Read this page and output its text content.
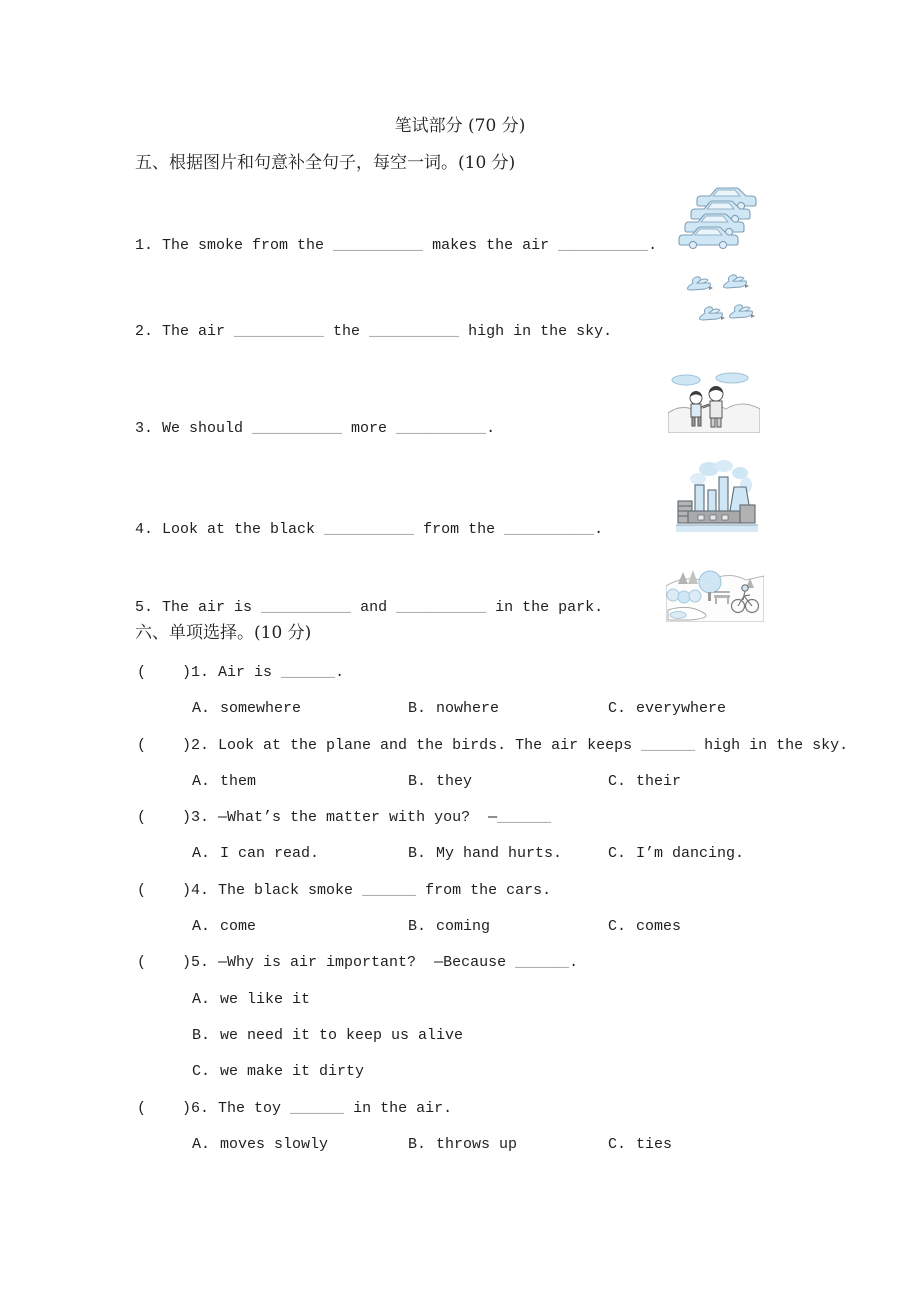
笔试部分 (70 分)
五、根据图片和句意补全句子，每空一词。(10 分)
1. The smoke from the __________ makes the air __________.
2. The air __________ the __________ high in the sky.
3. We should __________ more __________.
4. Look at the black __________ from the __________.
5. The air is __________ and __________ in the park.
六、单项选择。(10 分)
(    )1. Air is ______.
A. somewhere	B. nowhere	C. everywhere
(    )2. Look at the plane and the birds. The air keeps ______ high in the sky.
A. them	B. they	C. their
(    )3. —What’s the matter with you?  —______
A. I can read.	B. My hand hurts.	C. I’m dancing.
(    )4. The black smoke ______ from the cars.
A. come	B. coming	C. comes
(    )5. —Why is air important?  —Because ______.
A. we like it
B. we need it to keep us alive
C. we make it dirty
(    )6. The toy ______ in the air.
A. moves slowly	B. throws up	C. ties
